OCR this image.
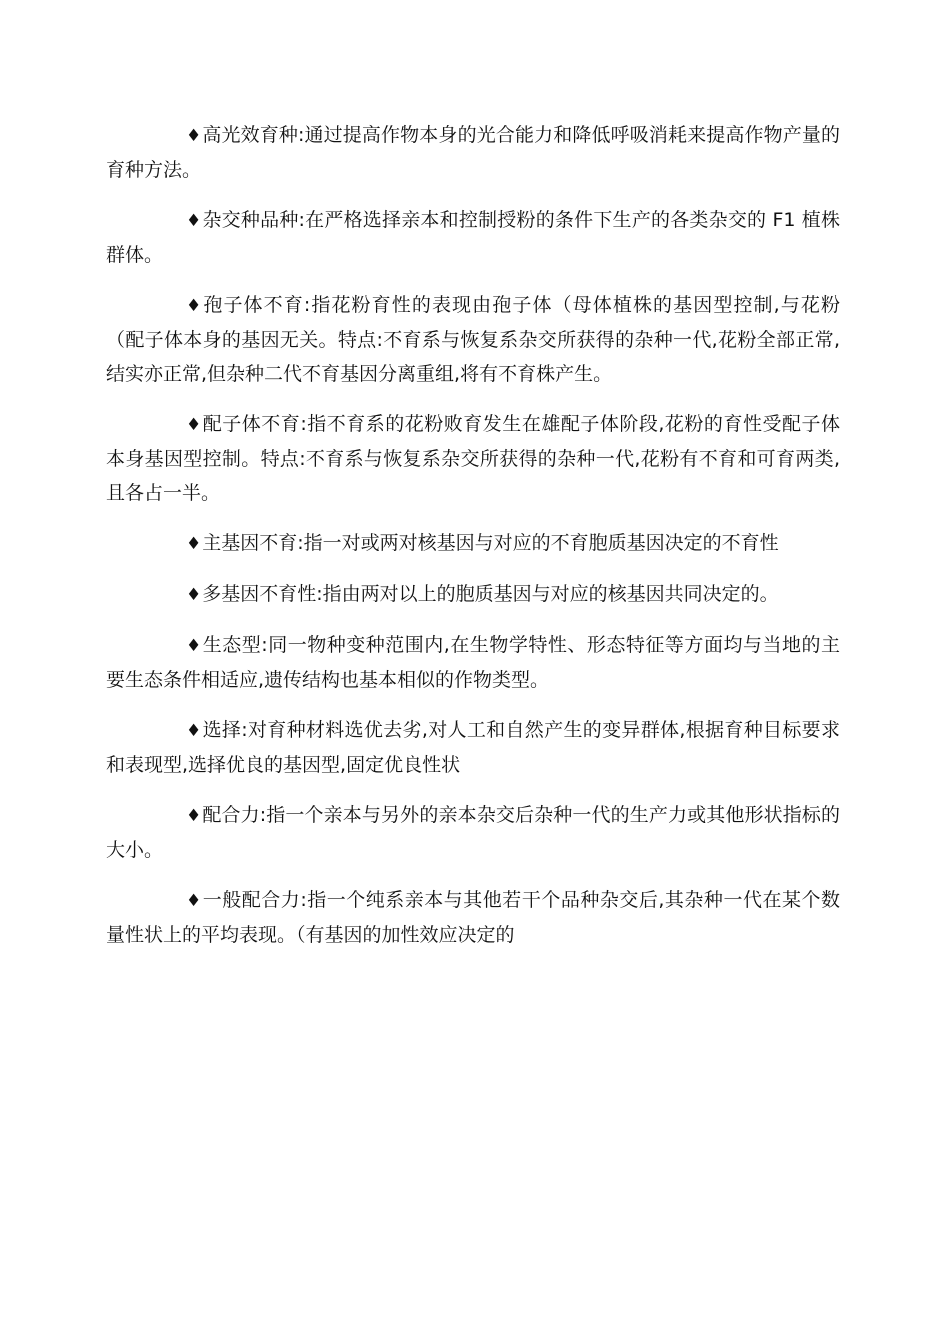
♦高光效育种:通过提高作物本身的光合能力和降低呼吸消耗来提高作物产量的育种方法。

♦杂交种品种:在严格选择亲本和控制授粉的条件下生产的各类杂交的 F1 植株群体。

♦孢子体不育:指花粉育性的表现由孢子体（母体植株的基因型控制,与花粉（配子体本身的基因无关。特点:不育系与恢复系杂交所获得的杂种一代,花粉全部正常,结实亦正常,但杂种二代不育基因分离重组,将有不育株产生。

♦配子体不育:指不育系的花粉败育发生在雄配子体阶段,花粉的育性受配子体本身基因型控制。特点:不育系与恢复系杂交所获得的杂种一代,花粉有不育和可育两类,且各占一半。

♦主基因不育:指一对或两对核基因与对应的不育胞质基因决定的不育性

♦多基因不育性:指由两对以上的胞质基因与对应的核基因共同决定的。

♦生态型:同一物种变种范围内,在生物学特性、形态特征等方面均与当地的主要生态条件相适应,遗传结构也基本相似的作物类型。

♦选择:对育种材料选优去劣,对人工和自然产生的变异群体,根据育种目标要求和表现型,选择优良的基因型,固定优良性状

♦配合力:指一个亲本与另外的亲本杂交后杂种一代的生产力或其他形状指标的大小。

♦一般配合力:指一个纯系亲本与其他若干个品种杂交后,其杂种一代在某个数量性状上的平均表现。（有基因的加性效应决定的
